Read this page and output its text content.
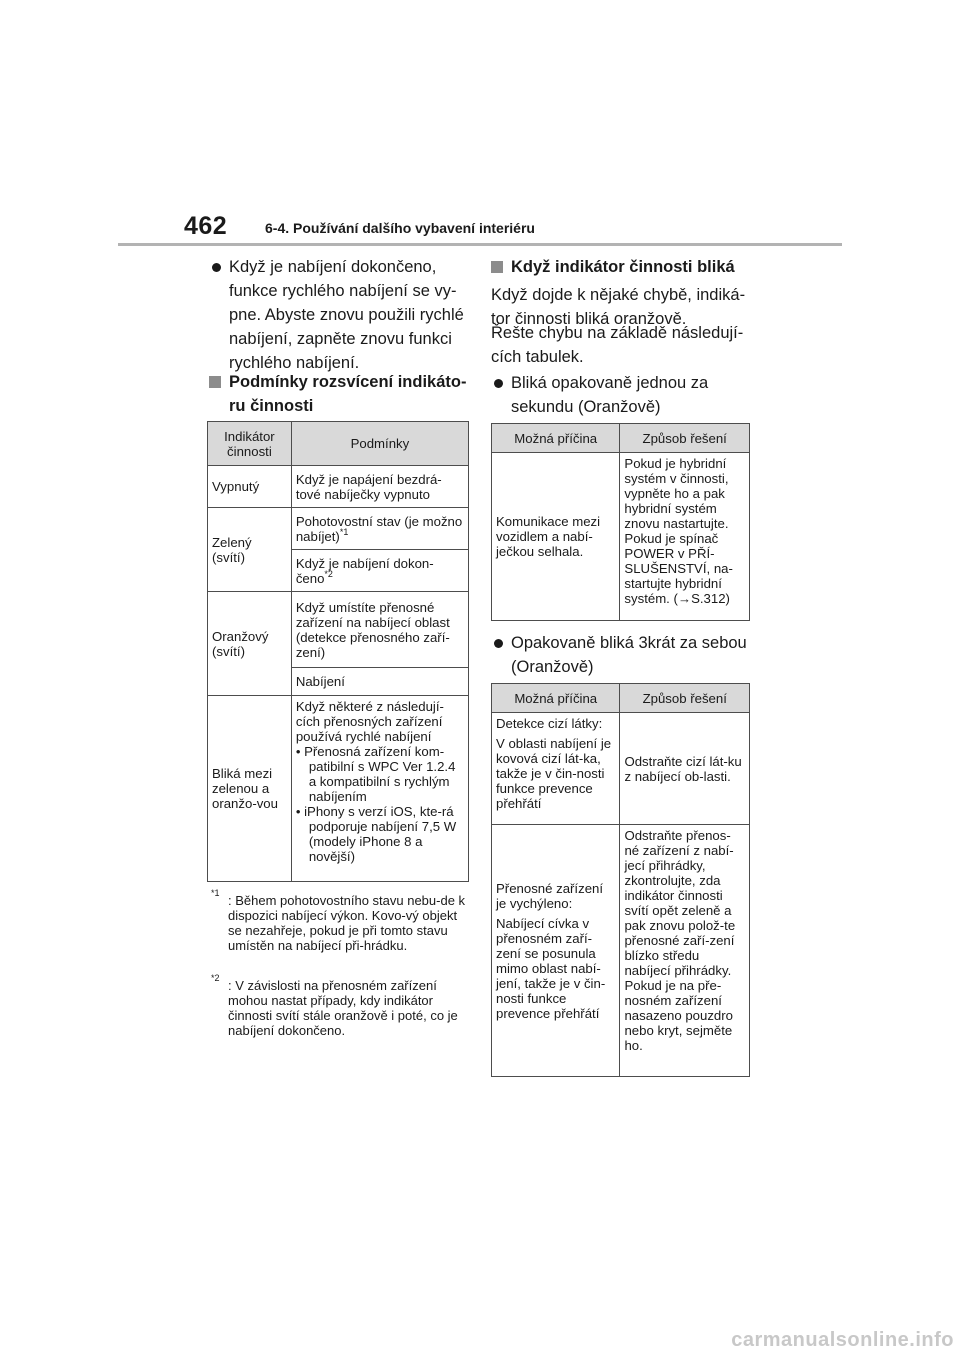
462	6-4. Používání dalšího vybavení interiéru
Když je nabíjení dokončeno, funkce rychlého nabíjení se vy-pne. Abyste znovu použili rychlé nabíjení, zapněte znovu funkci rychlého nabíjení.
Podmínky rozsvícení indikáto-ru činnosti
Indikátor činnosti	Podmínky
Vypnutý	Když je napájení bezdrá-tové nabíječky vypnuto
Zelený (svítí)	Pohotovostní stav (je možno nabíjet)$^{*1}$
	Když je nabíjení dokon-čeno$^{*2}$
Oranžový (svítí)	Když umístíte přenosné zařízení na nabíjecí oblast (detekce přenosného zaří-zení)
	Nabíjení
Bliká mezi zelenou a oranžo-vou	Když některé z následují-cích přenosných zařízení používá rychlé nabíjení
• Přenosná zařízení kom-patibilní s WPC Ver 1.2.4 a kompatibilní s rychlým nabíjením
• iPhony s verzí iOS, kte-rá podporuje nabíjení 7,5 W (modely iPhone 8 a novější)
*1 : Během pohotovostního stavu nebu-de k dispozici nabíjecí výkon. Kovo-vý objekt se nezahřeje, pokud je při tomto stavu umístěn na nabíjecí při-hrádku.
*2 : V závislosti na přenosném zařízení mohou nastat případy, kdy indikátor činnosti svítí stále oranžově i poté, co je nabíjení dokončeno.
Když indikátor činnosti bliká
Když dojde k nějaké chybě, indiká-tor činnosti bliká oranžově.
Řešte chybu na základě následují-cích tabulek.
Bliká opakovaně jednou za sekundu (Oranžově)
Možná příčina	Způsob řešení
Komunikace mezi vozidlem a nabí-ječkou selhala.	Pokud je hybridní systém v činnosti, vypněte ho a pak hybridní systém znovu nastartujte. Pokud je spínač POWER v PŘÍ-SLUŠENSTVÍ, na-startujte hybridní systém. (→S.312)
Opakovaně bliká 3krát za sebou (Oranžově)
Možná příčina	Způsob řešení

Detekce cizí látky:
V oblasti nabíjení je kovová cizí lát-ka, takže je v čin-nosti funkce prevence přehřátí	Odstraňte cizí lát-ku z nabíjecí ob-lasti.

Přenosné zařízení je vychýleno:
Nabíjecí cívka v přenosném zaří-zení se posunula mimo oblast nabí-jení, takže je v čin-nosti funkce prevence přehřátí	Odstraňte přenos-né zařízení z nabí-jecí přihrádky, zkontrolujte, zda indikátor činnosti svítí opět zeleně a pak znovu polož-te přenosné zaří-zení blízko středu nabíjecí přihrádky. Pokud je na pře-nosném zařízení nasazeno pouzdro nebo kryt, sejměte ho.
carmanualsonline.info
